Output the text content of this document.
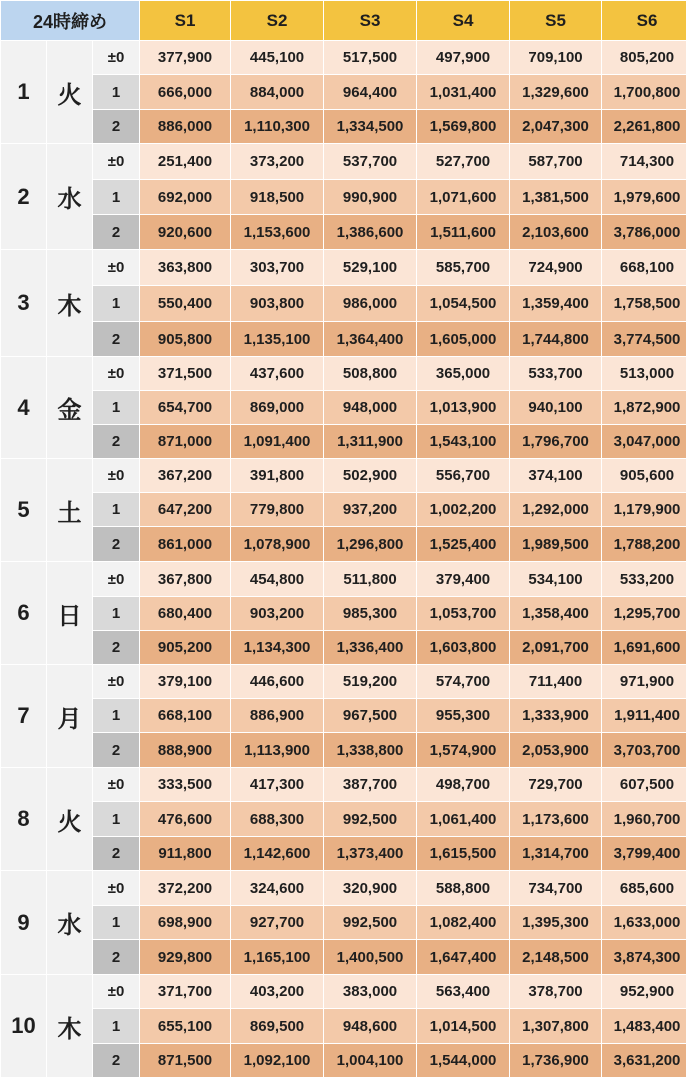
24時締め			S1	S2	S3	S4	S5	S6
1	火	±0	377,900	445,100	517,500	497,900	709,100	805,200
		1	666,000	884,000	964,400	1,031,400	1,329,600	1,700,800
		2	886,000	1,110,300	1,334,500	1,569,800	2,047,300	2,261,800
2	水	±0	251,400	373,200	537,700	527,700	587,700	714,300
		1	692,000	918,500	990,900	1,071,600	1,381,500	1,979,600
		2	920,600	1,153,600	1,386,600	1,511,600	2,103,600	3,786,000
3	木	±0	363,800	303,700	529,100	585,700	724,900	668,100
		1	550,400	903,800	986,000	1,054,500	1,359,400	1,758,500
		2	905,800	1,135,100	1,364,400	1,605,000	1,744,800	3,774,500
4	金	±0	371,500	437,600	508,800	365,000	533,700	513,000
		1	654,700	869,000	948,000	1,013,900	940,100	1,872,900
		2	871,000	1,091,400	1,311,900	1,543,100	1,796,700	3,047,000
5	土	±0	367,200	391,800	502,900	556,700	374,100	905,600
		1	647,200	779,800	937,200	1,002,200	1,292,000	1,179,900
		2	861,000	1,078,900	1,296,800	1,525,400	1,989,500	1,788,200
6	日	±0	367,800	454,800	511,800	379,400	534,100	533,200
		1	680,400	903,200	985,300	1,053,700	1,358,400	1,295,700
		2	905,200	1,134,300	1,336,400	1,603,800	2,091,700	1,691,600
7	月	±0	379,100	446,600	519,200	574,700	711,400	971,900
		1	668,100	886,900	967,500	955,300	1,333,900	1,911,400
		2	888,900	1,113,900	1,338,800	1,574,900	2,053,900	3,703,700
8	火	±0	333,500	417,300	387,700	498,700	729,700	607,500
		1	476,600	688,300	992,500	1,061,400	1,173,600	1,960,700
		2	911,800	1,142,600	1,373,400	1,615,500	1,314,700	3,799,400
9	水	±0	372,200	324,600	320,900	588,800	734,700	685,600
		1	698,900	927,700	992,500	1,082,400	1,395,300	1,633,000
		2	929,800	1,165,100	1,400,500	1,647,400	2,148,500	3,874,300
10	木	±0	371,700	403,200	383,000	563,400	378,700	952,900
		1	655,100	869,500	948,600	1,014,500	1,307,800	1,483,400
		2	871,500	1,092,100	1,004,100	1,544,000	1,736,900	3,631,200
